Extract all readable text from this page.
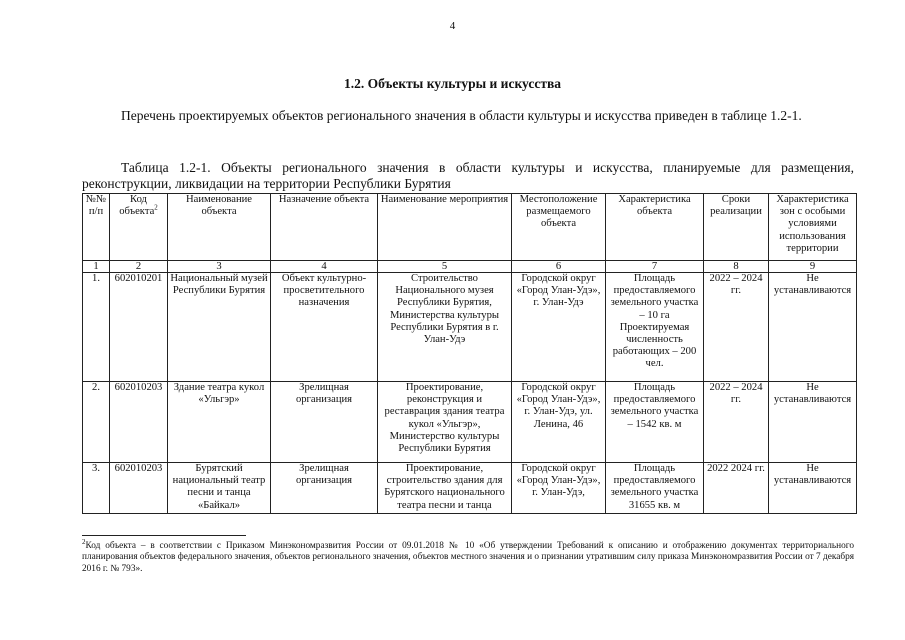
4
1.2. Объекты культуры и искусства

Перечень проектируемых объектов регионального значения в области культуры и искусства приведен в таблице 1.2-1.

Таблица 1.2-1. Объекты регионального значения в области культуры и искусства, планируемые для размещения, реконструкции, ликвидации на территории Республики Бурятия

№№ п/п	Код объекта$^2$	Наименование объекта	Назначение объекта	Наименование мероприятия	Местоположение размещаемого объекта	Характеристика объекта	Сроки реализации	Характеристика зон с особыми условиями использования территории
1	2	3	4	5	6	7	8	9
1.	602010201	Национальный музей Республики Бурятия	Объект культурно-просветительного назначения	Строительство Национального музея Республики Бурятия, Министерства культуры Республики Бурятия в г. Улан-Удэ	Городской округ «Город Улан-Удэ», г. Улан-Удэ	Площадь предоставляемого земельного участка – 10 га Проектируемая численность работающих – 200 чел.	2022 – 2024 гг.	Не устанавливаются
2.	602010203	Здание театра кукол «Ульгэр»	Зрелищная организация	Проектирование, реконструкция и реставрация здания театра кукол «Ульгэр», Министерство культуры Республики Бурятия	Городской округ «Город Улан-Удэ», г. Улан-Удэ, ул. Ленина, 46	Площадь предоставляемого земельного участка – 1542 кв. м	2022 – 2024 гг.	Не устанавливаются
3.	602010203	Бурятский национальный театр песни и танца «Байкал»	Зрелищная организация	Проектирование, строительство здания для Бурятского национального театра песни и танца	Городской округ «Город Улан-Удэ», г. Улан-Удэ,	Площадь предоставляемого земельного участка 31655 кв. м	2022 2024 гг.	Не устанавливаются

$^2$Код объекта – в соответствии с Приказом Минэкономразвития России от 09.01.2018 № 10 «Об утверждении Требований к описанию и отображению документах территориального планирования объектов федерального значения, объектов регионального значения, объектов местного значения и о признании утратившим силу приказа Минэкономразвития России от 7 декабря 2016 г. № 793».
